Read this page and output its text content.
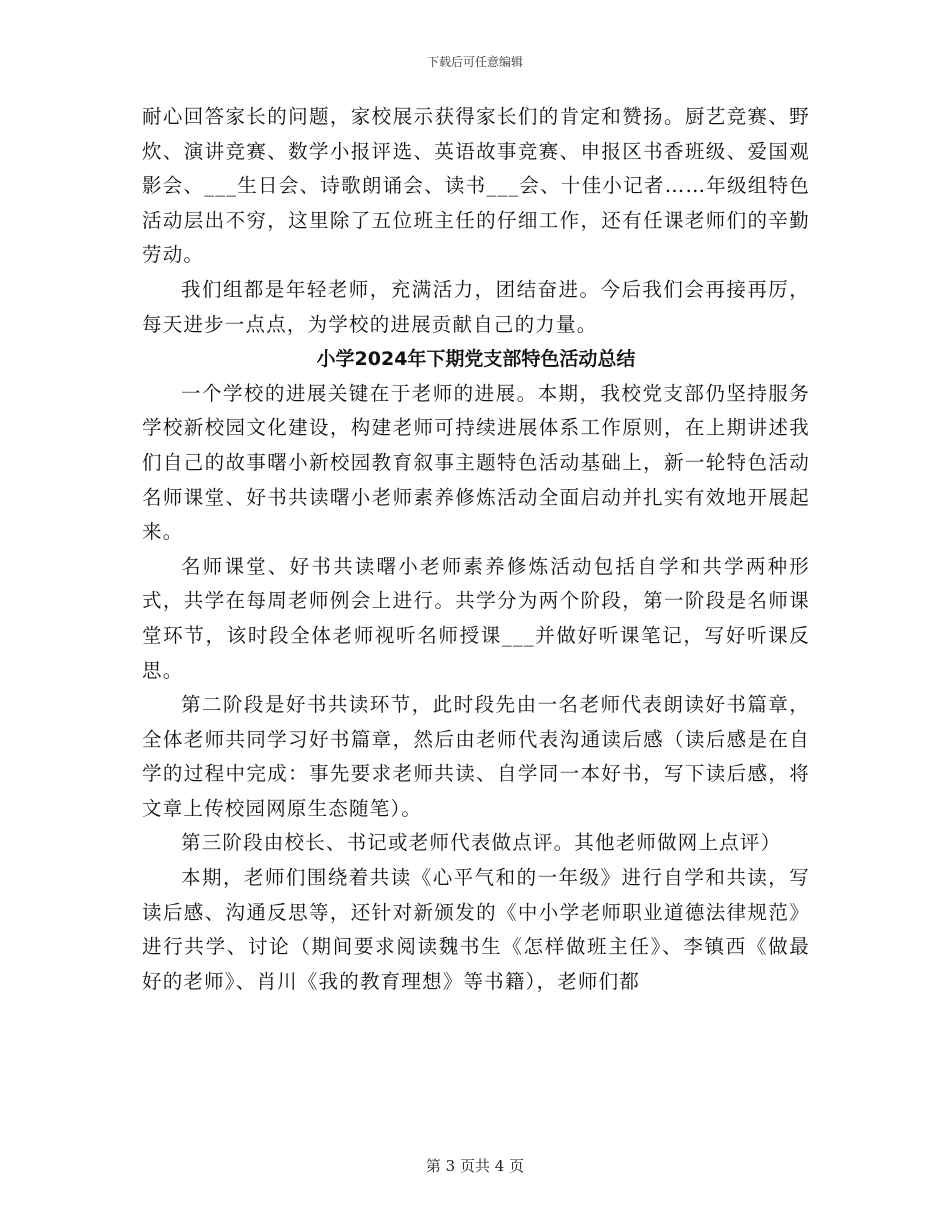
下载后可任意编辑

耐心回答家长的问题，家校展示获得家长们的肯定和赞扬。厨艺竞赛、野炊、演讲竞赛、数学小报评选、英语故事竞赛、申报区书香班级、爱国观影会、___生日会、诗歌朗诵会、读书___会、十佳小记者……年级组特色活动层出不穷，这里除了五位班主任的仔细工作，还有任课老师们的辛勤劳动。

我们组都是年轻老师，充满活力，团结奋进。今后我们会再接再厉，每天进步一点点，为学校的进展贡献自己的力量。

小学2024年下期党支部特色活动总结

一个学校的进展关键在于老师的进展。本期，我校党支部仍坚持服务学校新校园文化建设，构建老师可持续进展体系工作原则，在上期讲述我们自己的故事曙小新校园教育叙事主题特色活动基础上，新一轮特色活动名师课堂、好书共读曙小老师素养修炼活动全面启动并扎实有效地开展起来。

名师课堂、好书共读曙小老师素养修炼活动包括自学和共学两种形式，共学在每周老师例会上进行。共学分为两个阶段，第一阶段是名师课堂环节，该时段全体老师视听名师授课___并做好听课笔记，写好听课反思。

第二阶段是好书共读环节，此时段先由一名老师代表朗读好书篇章，全体老师共同学习好书篇章，然后由老师代表沟通读后感（读后感是在自学的过程中完成：事先要求老师共读、自学同一本好书，写下读后感，将文章上传校园网原生态随笔）。

第三阶段由校长、书记或老师代表做点评。其他老师做网上点评）

本期，老师们围绕着共读《心平气和的一年级》进行自学和共读，写读后感、沟通反思等，还针对新颁发的《中小学老师职业道德法律规范》进行共学、讨论（期间要求阅读魏书生《怎样做班主任》、李镇西《做最好的老师》、肖川《我的教育理想》等书籍），老师们都

第 3 页共 4 页
